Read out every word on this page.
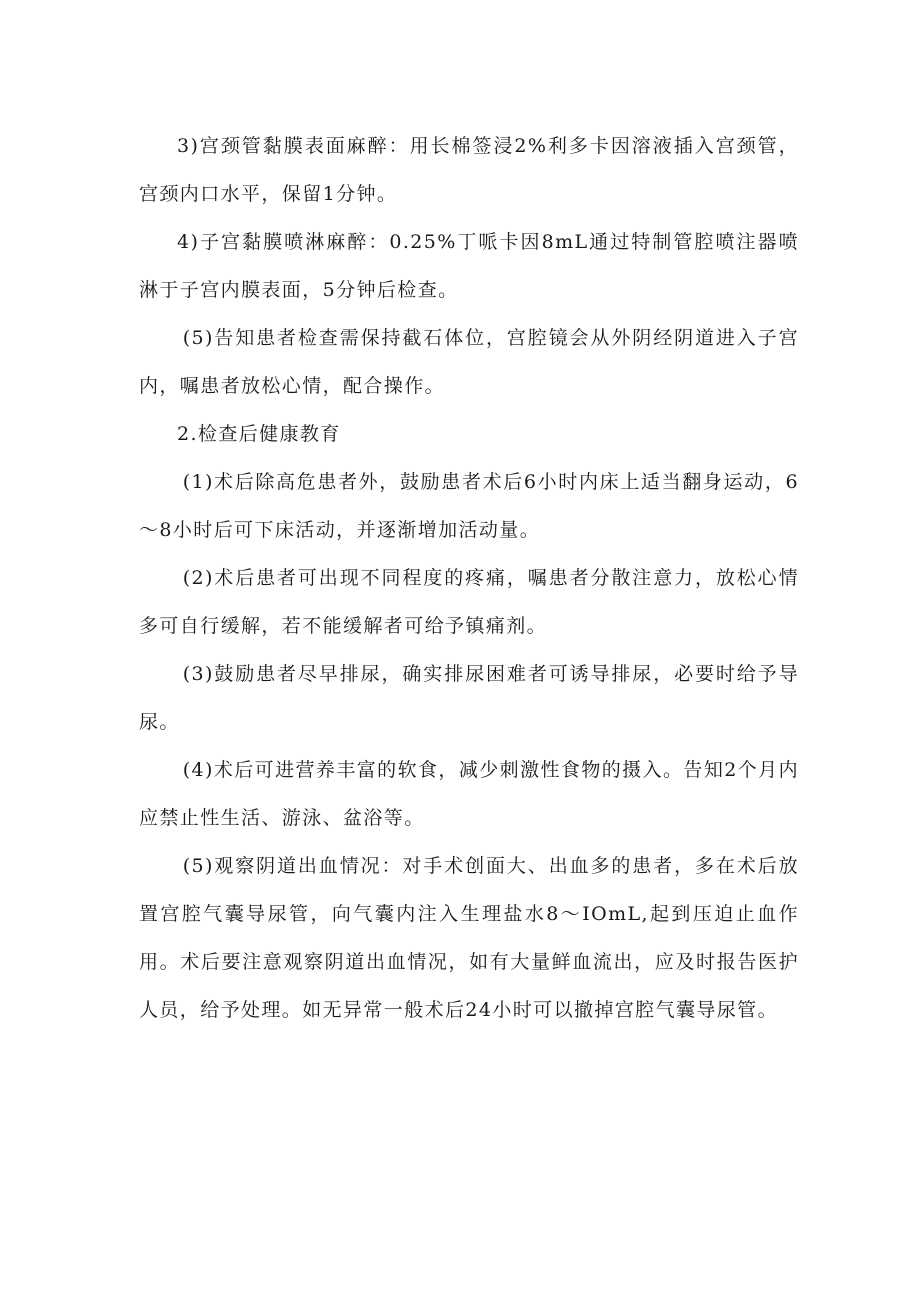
3)宫颈管黏膜表面麻醉：用长棉签浸2%利多卡因溶液插入宫颈管，宫颈内口水平，保留1分钟。

4)子宫黏膜喷淋麻醉：0.25%丁哌卡因8mL通过特制管腔喷注器喷淋于子宫内膜表面，5分钟后检查。

(5)告知患者检查需保持截石体位，宫腔镜会从外阴经阴道进入子宫内，嘱患者放松心情，配合操作。

2.检查后健康教育

(1)术后除高危患者外，鼓励患者术后6小时内床上适当翻身运动，6～8小时后可下床活动，并逐渐增加活动量。

(2)术后患者可出现不同程度的疼痛，嘱患者分散注意力，放松心情多可自行缓解，若不能缓解者可给予镇痛剂。

(3)鼓励患者尽早排尿，确实排尿困难者可诱导排尿，必要时给予导尿。

(4)术后可进营养丰富的软食，减少刺激性食物的摄入。告知2个月内应禁止性生活、游泳、盆浴等。

(5)观察阴道出血情况：对手术创面大、出血多的患者，多在术后放置宫腔气囊导尿管，向气囊内注入生理盐水8～IOmL,起到压迫止血作用。术后要注意观察阴道出血情况，如有大量鲜血流出，应及时报告医护人员，给予处理。如无异常一般术后24小时可以撤掉宫腔气囊导尿管。
